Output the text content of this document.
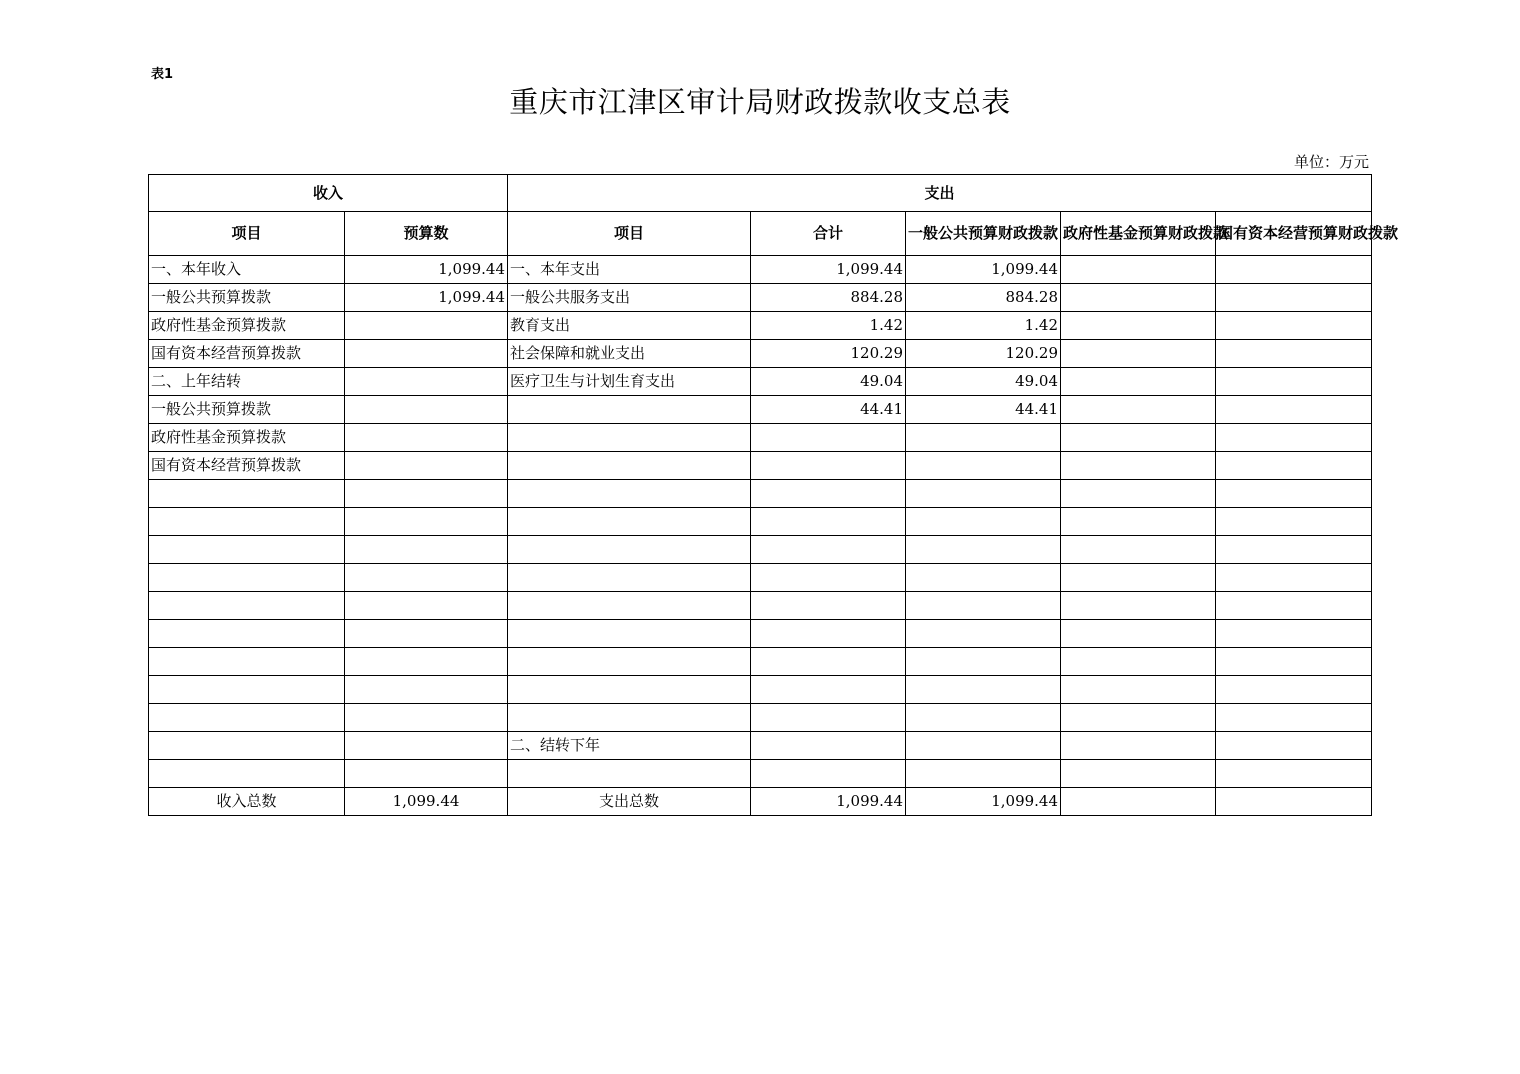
表1
重庆市江津区审计局财政拨款收支总表
单位：万元
收入		支出				
项目	预算数	项目	合计	一般公共预算财政拨款	政府性基金预算财政拨款	国有资本经营预算财政拨款
一、本年收入	1,099.44	一、本年支出	1,099.44	1,099.44		
一般公共预算拨款	1,099.44	一般公共服务支出	884.28	884.28		
政府性基金预算拨款		教育支出	1.42	1.42		
国有资本经营预算拨款		社会保障和就业支出	120.29	120.29		
二、上年结转		医疗卫生与计划生育支出	49.04	49.04		
一般公共预算拨款			44.41	44.41		
政府性基金预算拨款						
国有资本经营预算拨款						

		二、结转下年				

收入总数	1,099.44	支出总数	1,099.44	1,099.44		
